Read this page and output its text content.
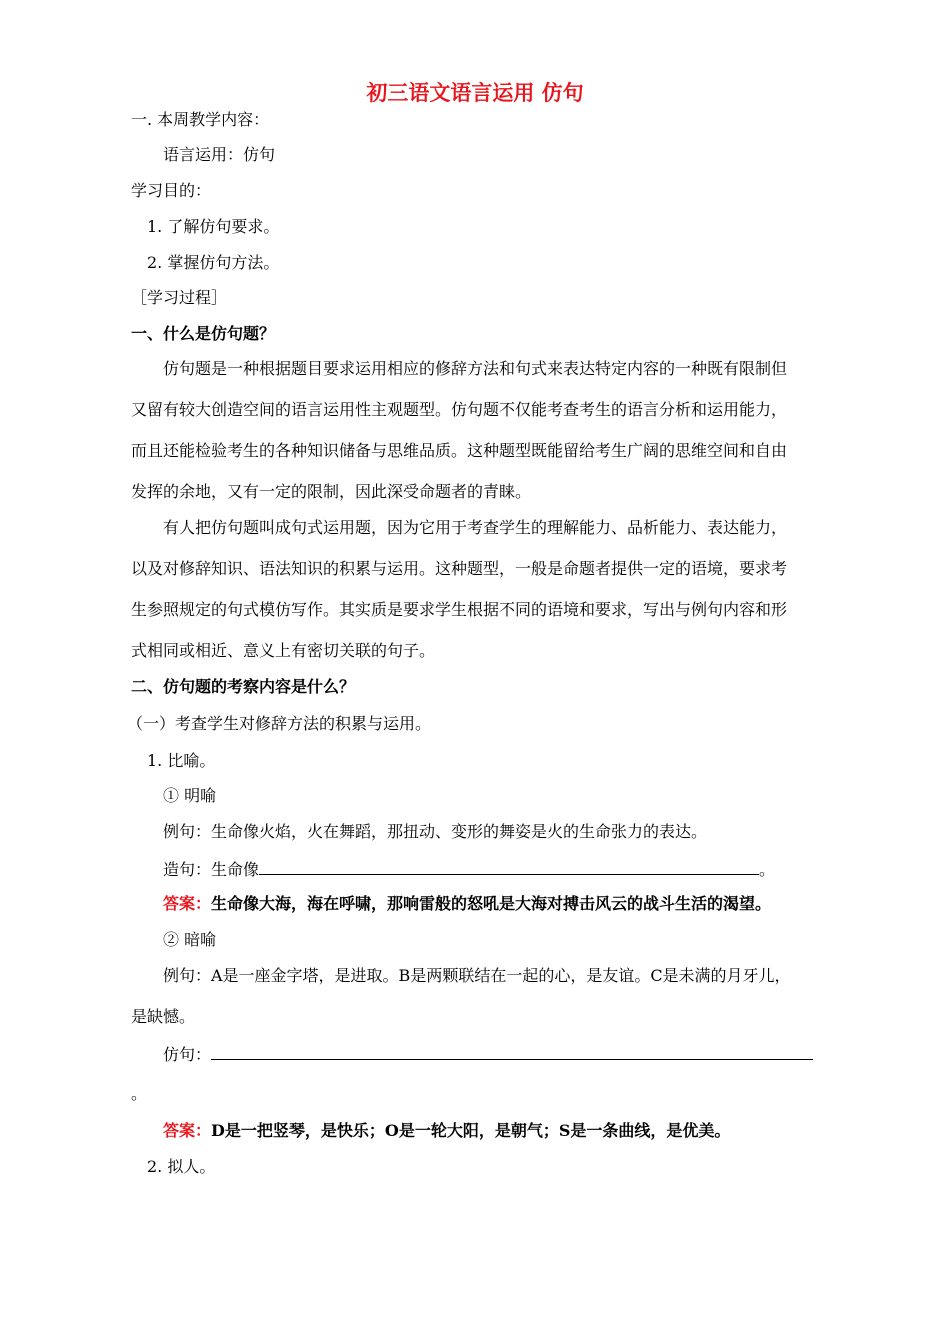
初三语文语言运用 仿句
一. 本周教学内容：
语言运用：仿句
学习目的：
1. 了解仿句要求。
2. 掌握仿句方法。
［学习过程］
一、什么是仿句题？
仿句题是一种根据题目要求运用相应的修辞方法和句式来表达特定内容的一种既有限制但
又留有较大创造空间的语言运用性主观题型。仿句题不仅能考查考生的语言分析和运用能力，
而且还能检验考生的各种知识储备与思维品质。这种题型既能留给考生广阔的思维空间和自由
发挥的余地，又有一定的限制，因此深受命题者的青睐。
有人把仿句题叫成句式运用题，因为它用于考查学生的理解能力、品析能力、表达能力，
以及对修辞知识、语法知识的积累与运用。这种题型，一般是命题者提供一定的语境，要求考
生参照规定的句式模仿写作。其实质是要求学生根据不同的语境和要求，写出与例句内容和形
式相同或相近、意义上有密切关联的句子。
二、仿句题的考察内容是什么？
（一）考查学生对修辞方法的积累与运用。
1. 比喻。
① 明喻
例句：生命像火焰，火在舞蹈，那扭动、变形的舞姿是火的生命张力的表达。
造句：生命像	。
答案：生命像大海，海在呼啸，那响雷般的怒吼是大海对搏击风云的战斗生活的渴望。
② 暗喻
例句：A是一座金字塔，是进取。B是两颗联结在一起的心，是友谊。C是未满的月牙儿，
是缺憾。
仿句：
。
答案：D是一把竖琴，是快乐；O是一轮大阳，是朝气；S是一条曲线，是优美。
2. 拟人。
